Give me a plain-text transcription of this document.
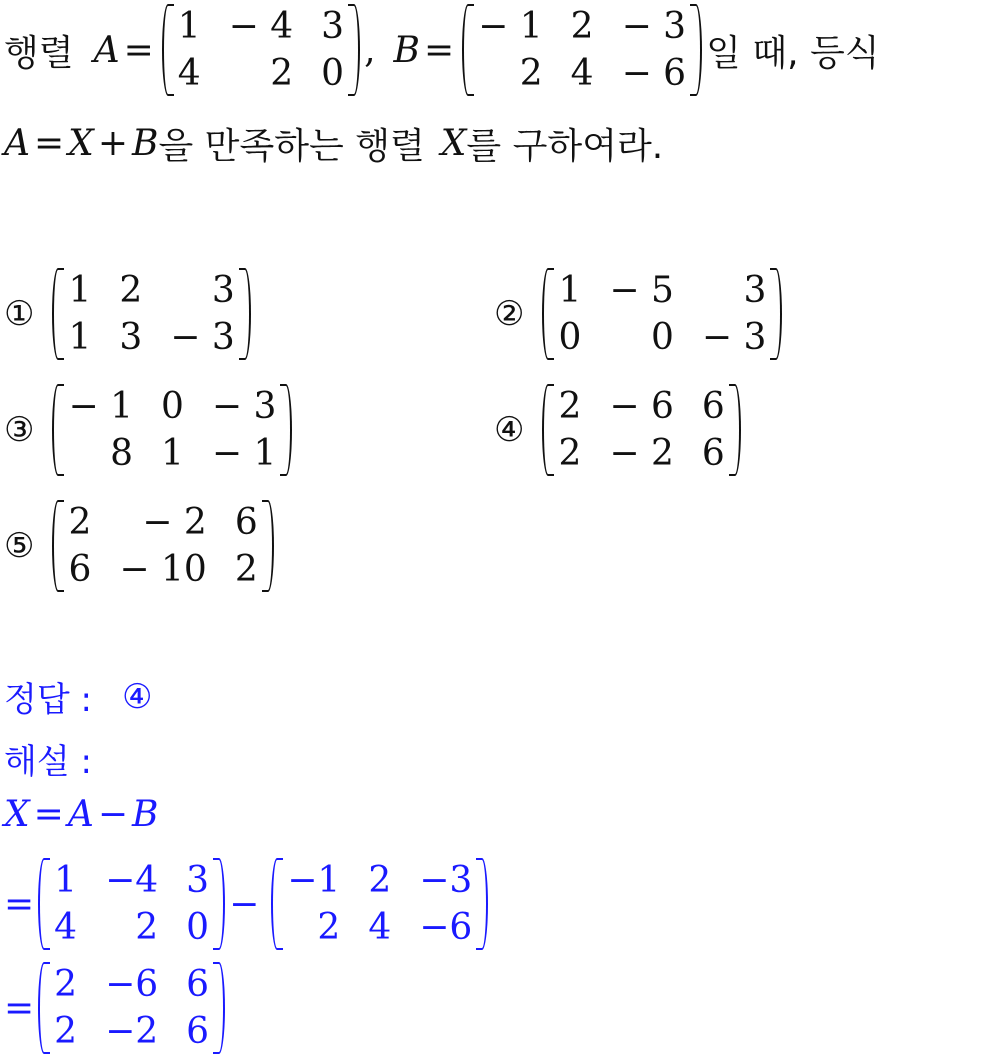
행렬 A =
1 − 4 3
4	2 0
, B =
− 1 2 − 3
2 4 − 6 일 때, 등식
A = X + B 을 만족하는 행렬 X 를 구하여라.
①
1 2	3
1 3 − 3
②
1 − 5	3
0	0 − 3
③
− 1 0 − 3
8 1 − 1
④
2 − 6 6
2 − 2 6
⑤
2	− 2 6
6 − 10 2
정답 : ④
해설 :
X = A − B
=
1 −4 3
4	2 0
−
−1 2 −3
2 4 −6
=
2 −6 6
2 −2 6
